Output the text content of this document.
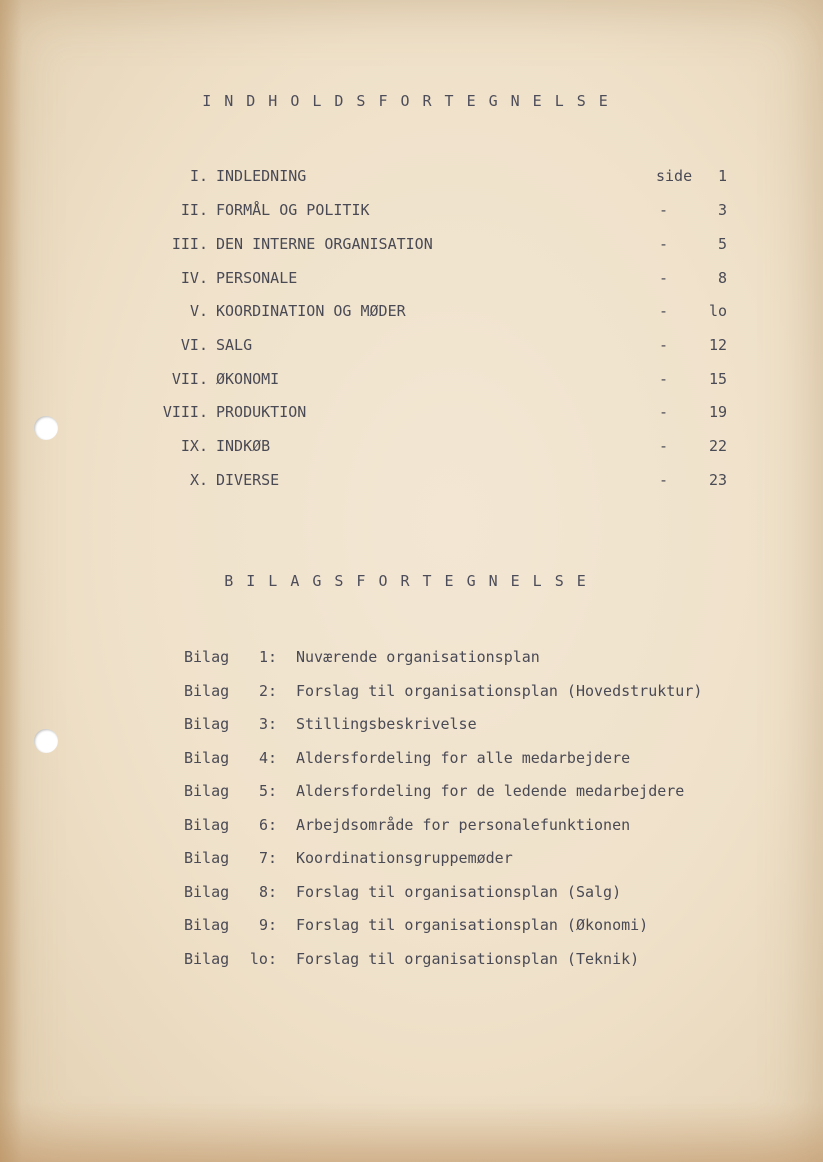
INDHOLDSFORTEGNELSE
I. INDLEDNING	side 1
II. FORMÅL OG POLITIK	-	3
III. DEN INTERNE ORGANISATION	-	5
IV. PERSONALE	-	8
V. KOORDINATION OG MØDER	-	lo
VI. SALG	-	12
VII. ØKONOMI	-	15
VIII. PRODUKTION	-	19
IX. INDKØB	-	22
X. DIVERSE	-	23
BILAGSFORTEGNELSE
Bilag 1: Nuværende organisationsplan
Bilag 2: Forslag til organisationsplan (Hovedstruktur)
Bilag 3: Stillingsbeskrivelse
Bilag 4: Aldersfordeling for alle medarbejdere
Bilag 5: Aldersfordeling for de ledende medarbejdere
Bilag 6: Arbejdsområde for personalefunktionen
Bilag 7: Koordinationsgruppemøder
Bilag 8: Forslag til organisationsplan (Salg)
Bilag 9: Forslag til organisationsplan (Økonomi)
Bilag lo: Forslag til organisationsplan (Teknik)
